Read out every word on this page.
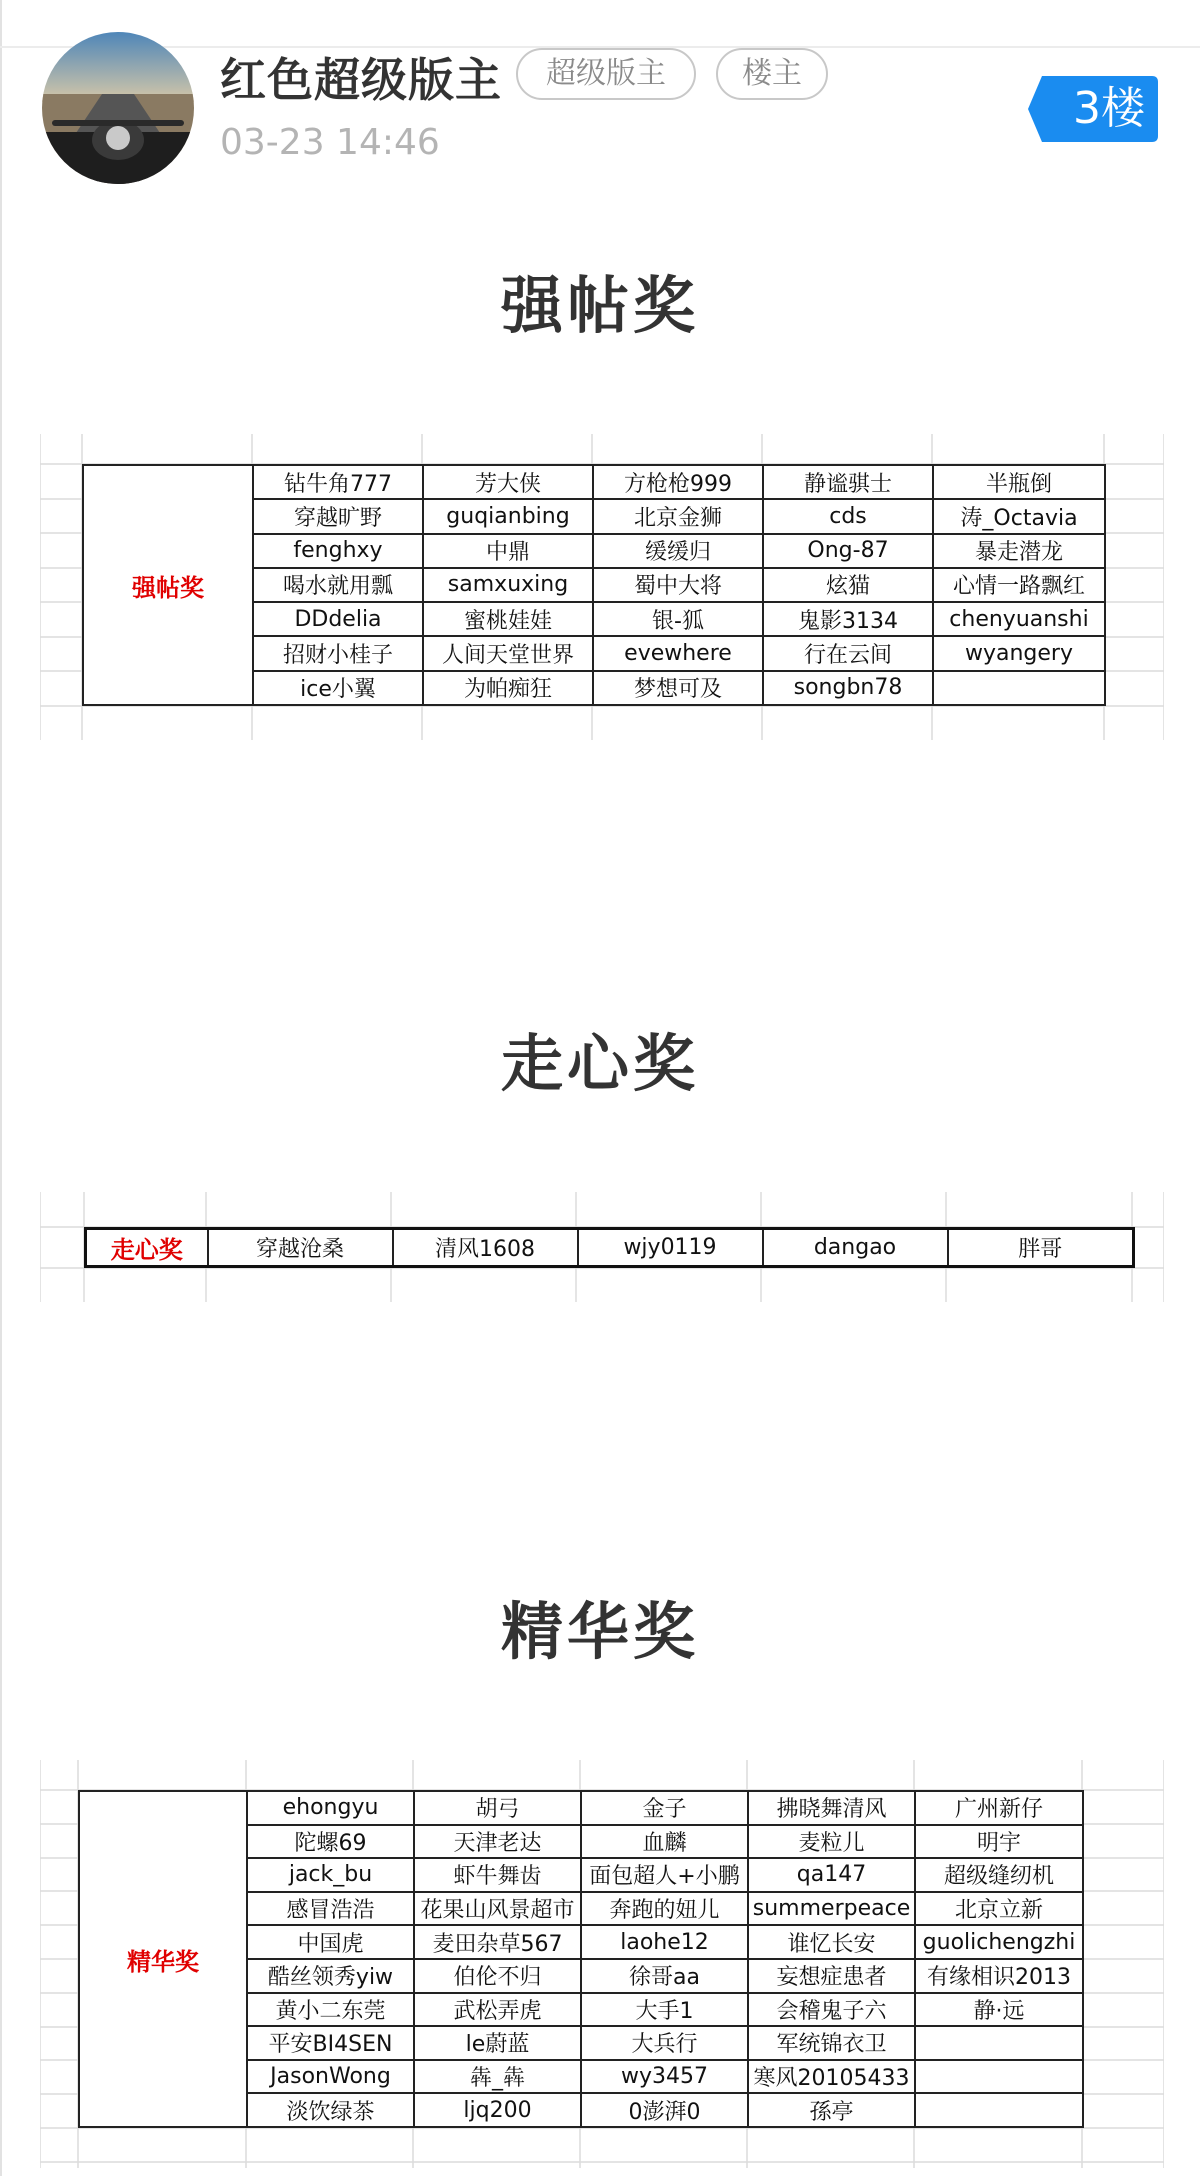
红色超级版主	超级版主	楼主
03-23 14:46
3楼
强帖奖
强帖奖	钻牛角777	芳大侠	方枪枪999	静谧骐士	半瓶倒
	穿越旷野	guqianbing	北京金狮	cds	涛_Octavia
	fenghxy	中鼎	缓缓归	Ong-87	暴走潜龙
	喝水就用瓢	samxuxing	蜀中大将	炫猫	心情一路飘红
	DDdelia	蜜桃娃娃	银-狐	鬼影3134	chenyuanshi
	招财小桂子	人间天堂世界	evewhere	行在云间	wyangery
	ice小翼	为帕痴狂	梦想可及	songbn78	
走心奖
走心奖	穿越沧桑	清风1608	wjy0119	dangao	胖哥
精华奖
精华奖	ehongyu	胡弓	金子	拂晓舞清风	广州新仔
	陀螺69	天津老达	血麟	麦粒儿	明宇
	jack_bu	虾牛舞齿	面包超人+小鹏	qa147	超级缝纫机
	感冒浩浩	花果山风景超市	奔跑的妞儿	summerpeace	北京立新
	中国虎	麦田杂草567	laohe12	谁忆长安	guolichengzhi
	酷丝领秀yiw	伯伦不归	徐哥aa	妄想症患者	有缘相识2013
	黄小二东莞	武松弄虎	大手1	会稽鬼子六	静·远
	平安BI4SEN	le蔚蓝	大兵行	军统锦衣卫	
	JasonWong	犇_犇	wy3457	寒风20105433	
	淡饮绿茶	ljq200	0澎湃0	孫亭	
